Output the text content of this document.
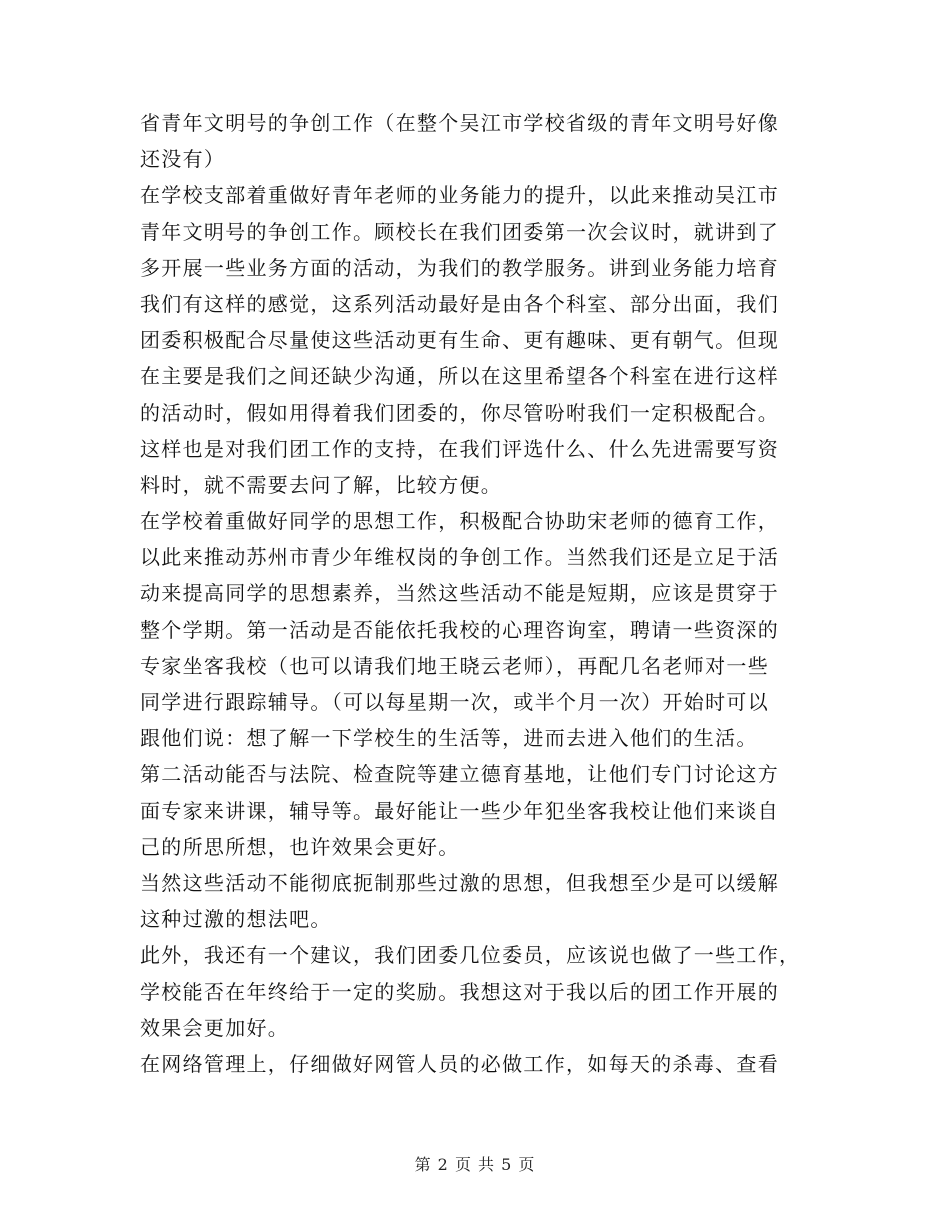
省青年文明号的争创工作（在整个吴江市学校省级的青年文明号好像
还没有）
在学校支部着重做好青年老师的业务能力的提升，以此来推动吴江市
青年文明号的争创工作。顾校长在我们团委第一次会议时，就讲到了
多开展一些业务方面的活动，为我们的教学服务。讲到业务能力培育
我们有这样的感觉，这系列活动最好是由各个科室、部分出面，我们
团委积极配合尽量使这些活动更有生命、更有趣味、更有朝气。但现
在主要是我们之间还缺少沟通，所以在这里希望各个科室在进行这样
的活动时，假如用得着我们团委的，你尽管吩咐我们一定积极配合。
这样也是对我们团工作的支持，在我们评选什么、什么先进需要写资
料时，就不需要去问了解，比较方便。
在学校着重做好同学的思想工作，积极配合协助宋老师的德育工作，
以此来推动苏州市青少年维权岗的争创工作。当然我们还是立足于活
动来提高同学的思想素养，当然这些活动不能是短期，应该是贯穿于
整个学期。第一活动是否能依托我校的心理咨询室，聘请一些资深的
专家坐客我校（也可以请我们地王晓云老师），再配几名老师对一些
同学进行跟踪辅导。（可以每星期一次，或半个月一次）开始时可以
跟他们说：想了解一下学校生的生活等，进而去进入他们的生活。
第二活动能否与法院、检查院等建立德育基地，让他们专门讨论这方
面专家来讲课，辅导等。最好能让一些少年犯坐客我校让他们来谈自
己的所思所想，也许效果会更好。
当然这些活动不能彻底扼制那些过激的思想，但我想至少是可以缓解
这种过激的想法吧。
此外，我还有一个建议，我们团委几位委员，应该说也做了一些工作，
学校能否在年终给于一定的奖励。我想这对于我以后的团工作开展的
效果会更加好。
在网络管理上，仔细做好网管人员的必做工作，如每天的杀毒、查看
第 2 页 共 5 页
